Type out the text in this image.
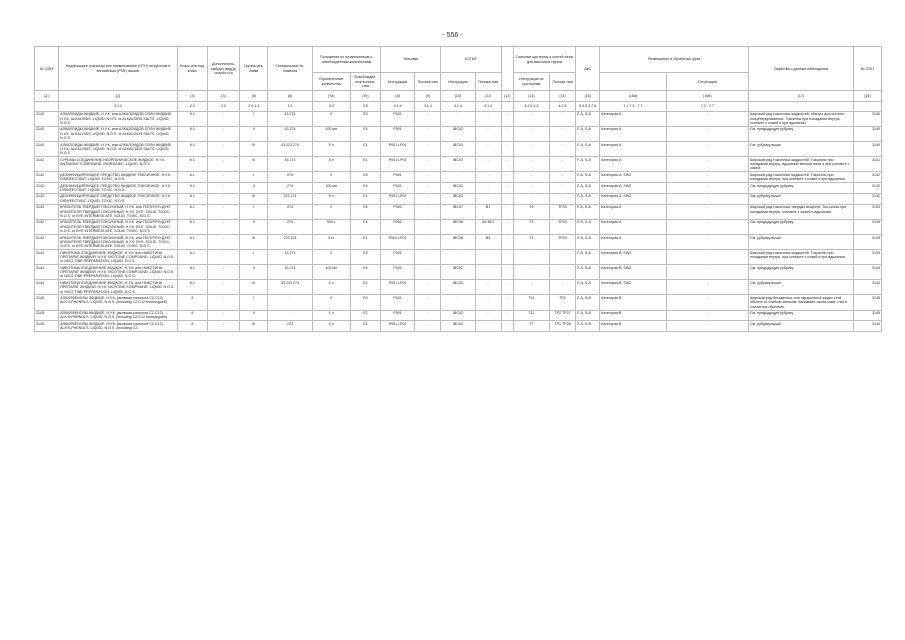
- 556 -
№ ООН	Надлежащее транспортное наименование (НТН) на русском и английском (PSN) языках	Класс или под-класс	Дополнитель-ный(ые) вид(ы) опасно-сти	Группа упа-ковки	Специальные по-ложения	Положения по ограниченным и освобожденным количествам		Упаковки		КСГМГ			Съемные цистерны и контей-неры для массовых грузов		АвС	Размещение и обработка груза		Свойства и данные наблюдения	№ ООН
						Ограниченные количества	Освобожден-ные количе-ства	Инструкции	Положе-ния	Инструкции	Положе-ния		Инструкции по цистернам	Положе-ния			Сегрегация		
(1)	(2)	(3)	(4)	(5)	(6)	(7a)	(7b)	(8)	(9)	(10)	(11)	(12)	(13)	(14)	(15)	(16a)	(16b)	(17)	(18)
	3.1.2	2.0	2.0	2.0.1.3	3.3	3.4	3.5	4.1.4	4.1.4	4.1.4	4.1.4		4.2.5 4.3	4.2.5	5.4.3.2 7.8	7.1 7.3 - 7.7	7.2 - 7.7		
3140	АЛКАЛОИДЫ ЖИДКИЕ, Н.У.К. или АЛКАЛОИДОВ СОЛИ ЖИДКИЕ, Н.У.К. ALKALOIDS, LIQUID, N.O.S. or ALKALOIDS SALTS, LIQUID, N.O.S.	6.1	-	I	43 274	0	E5	P001	-	-	-	-	-	-	F-A, S-A	Категория A	-	Широкий ряд токсичных жидкостей, обычно доста-точно концентрированных. Токсичны при попадании внутрь, контакте с кожей и при вдыхании.	3140
3140	АЛКАЛОИДЫ ЖИДКИЕ, Н.У.К. или АЛКАЛОИДОВ СОЛИ ЖИДКИЕ, Н.У.К. ALKALOIDS, LIQUID, N.O.S. or ALKALOIDS SALTS, LIQUID, N.O.S.	6.1	-	II	43 274	100 мл	E4	P001	-	IBC02	-	-	-	-	F-A, S-A	Категория A	-	См. предыдущую рубрику.	3140
3140	АЛКАЛОИДЫ ЖИДКИЕ, Н.У.К. или АЛКАЛОИДОВ СОЛИ ЖИДКИЕ, Н.У.К. ALKALOIDS, LIQUID, N.O.S. or ALKALOIDS SALTS, LIQUID, N.O.S.	6.1	-	III	43 223 274	5 л	E1	P001 LP01	-	IBC03	-	-	-	-	F-A, S-A	Категория A	-	См. рубрику выше.	3140
3141	СУРЬМЫ СОЕДИНЕНИЕ НЕОРГАНИЧЕСКОЕ ЖИДКОЕ, Н.У.К. ANTIMONY COMPOUND, INORGANIC, LIQUID, N.O.S.	6.1	-	III	45 274	5 л	E1	P001 LP01	-	IBC03	-	-	-	-	F-A, S-A	Категория A	-	Широкий ряд токсичных жидкостей. Токсичны при попадании внутрь, вдыхании мелкой пыли и при контакте с кожей.	3141
3142	ДЕЗИНФИЦИРУЮЩЕЕ СРЕДСТВО ЖИДКОЕ ТОКСИЧНОЕ, Н.У.К. DISINFECTANT, LIQUID, TOXIC, N.O.S.	6.1	-	I	274	0	E5	P001	-	-	-	-	-	-	F-A, S-A	Категория A, SW2	-	Широкий ряд токсичных жидкостей. Токсичны при попадании внутрь, при контакте с кожей и при вдыхании.	3142
3142	ДЕЗИНФИЦИРУЮЩЕЕ СРЕДСТВО ЖИДКОЕ ТОКСИЧНОЕ, Н.У.К. DISINFECTANT, LIQUID, TOXIC, N.O.S.	6.1	-	II	274	100 мл	E4	P001	-	IBC02	-	-	-	-	F-A, S-A	Категория A, SW2	-	См. предыдущую рубрику.	3142
3142	ДЕЗИНФИЦИРУЮЩЕЕ СРЕДСТВО ЖИДКОЕ ТОКСИЧНОЕ, Н.У.К. DISINFECTANT, LIQUID, TOXIC, N.O.S.	6.1	-	III	223 274	5 л	E1	P001 LP01	-	IBC03	-	-	-	-	F-A, S-A	Категория A, SW2	-	См. рубрику выше.	3142
3143	КРАСИТЕЛЬ ТВЕРДЫЙ ТОКСИЧНЫЙ, Н.У.К. или ПОЛУПРО-ДУКТ КРАСИТЕЛЯ ТВЕРДЫЙ ТОКСИЧНЫЙ, Н.У.К. DYE, SOLID, TOXIC, N.O.S. or DYE INTERMEDI-ATE, SOLID, TOXIC, N.O.S.	6.1	-	I	274	0	E5	P002	-	IBC07	B1	-	T6	TP33	F-A, S-A	Категория A	-	Широкий ряд токсичных твердых веществ. Ток-сичны при попадании внутрь, контакте с кожей и вдыхании.	3143
3143	КРАСИТЕЛЬ ТВЕРДЫЙ ТОКСИЧНЫЙ, Н.У.К. или ПОЛУПРО-ДУКТ КРАСИТЕЛЯ ТВЕРДЫЙ ТОКСИЧНЫЙ, Н.У.К. DYE, SOLID, TOXIC, N.O.S. or DYE INTERMEDI-ATE, SOLID, TOXIC, N.O.S.	6.1	-	II	274	500 г	E4	P002	-	IBC08	B4 B21	-	T3	TP33	F-A, S-A	Категория A	-	См. предыдущую рубрику.	3143
3143	КРАСИТЕЛЬ ТВЕРДЫЙ ТОКСИЧНЫЙ, Н.У.К. или ПОЛУПРО-ДУКТ КРАСИТЕЛЯ ТВЕРДЫЙ ТОКСИЧНЫЙ, Н.У.К. DYE, SOLID, TOXIC, N.O.S. or DYE INTERMEDI-ATE, SOLID, TOXIC, N.O.S.	6.1	-	III	223 274	5 кг	E1	P002 LP02	-	IBC08	B3	-	T1	TP33	F-A, S-A	Категория A	-	См. рубрику выше.	3143
3144	НИКОТИНА СОЕДИНЕНИЕ ЖИДКОЕ, Н.У.К. или НИКОТИНА ПРЕПАРАТ ЖИДКИЙ, Н.У.К. NICOTINE COMPOUND, LIQUID, N.O.S. or NICO-TINE PREPARATION, LIQUID, N.O.S.	6.1	-	I	43 274	0	E5	P001	-	-	-	-	-	-	F-A, S-A	Категория B, SW2	-	Широкий ряд токсичных жидкостей. Токсичны при попадании внутрь, при контакте с кожей и при вдыхании.	3144
3144	НИКОТИНА СОЕДИНЕНИЕ ЖИДКОЕ, Н.У.К. или НИКОТИНА ПРЕПАРАТ ЖИДКИЙ, Н.У.К. NICOTINE COMPOUND, LIQUID, N.O.S. or NICO-TINE PREPARATION, LIQUID, N.O.S.	6.1	-	II	43 274	100 мл	E4	P001	-	IBC02	-	-	-	-	F-A, S-A	Категория B, SW2	-	См. предыдущую рубрику.	3144
3144	НИКОТИНА СОЕДИНЕНИЕ ЖИДКОЕ, Н.У.К. или НИКОТИНА ПРЕПАРАТ ЖИДКИЙ, Н.У.К. NICOTINE COMPOUND, LIQUID, N.O.S. or NICO-TINE PREPARATION, LIQUID, N.O.S.	6.1	-	III	43 223 274	5 л	E1	P001 LP01	-	IBC03	-	-	-	-	F-A, S-A	Категория B, SW2	-	См. рубрику выше.	3144
3145	АЛКИЛФЕНОЛЫ ЖИДКИЕ, Н.У.К. (включая гомологи C2-C12) ALKYLPHENOLS, LIQUID, N.O.S. (including C2-C12 homologues)	8	-	I	-	0	E0	P001	-	-	-	-	T14	TP2	F-A, S-B	Категория B	-	Широкий ряд бесцветных или окрашенных жидко-стей, обычно со слабым запахом. Вызывают ожоги кожи, глаз и слизистых оболочек.	3145
3145	АЛКИЛФЕНОЛЫ ЖИДКИЕ, Н.У.К. (включая гомологи C2-C12) ALKYLPHENOLS, LIQUID, N.O.S. (including C2-C12 homologues)	8	-	II	-	1 л	E2	P001	-	IBC02	-	-	T11	TP2 TP27	F-A, S-B	Категория B	-	См. предыдущую рубрику.	3145
3145	АЛКИЛФЕНОЛЫ ЖИДКИЕ, Н.У.К. (включая гомологи C2-C12) ALKYLPHENOLS, LIQUID, N.O.S. (including C2-	8	-	III	223	5 л	E1	P001 LP01	-	IBC03	-	-	T7	TP1 TP28	F-A, S-B	Категория B	-	См. рубрику выше.	3145
